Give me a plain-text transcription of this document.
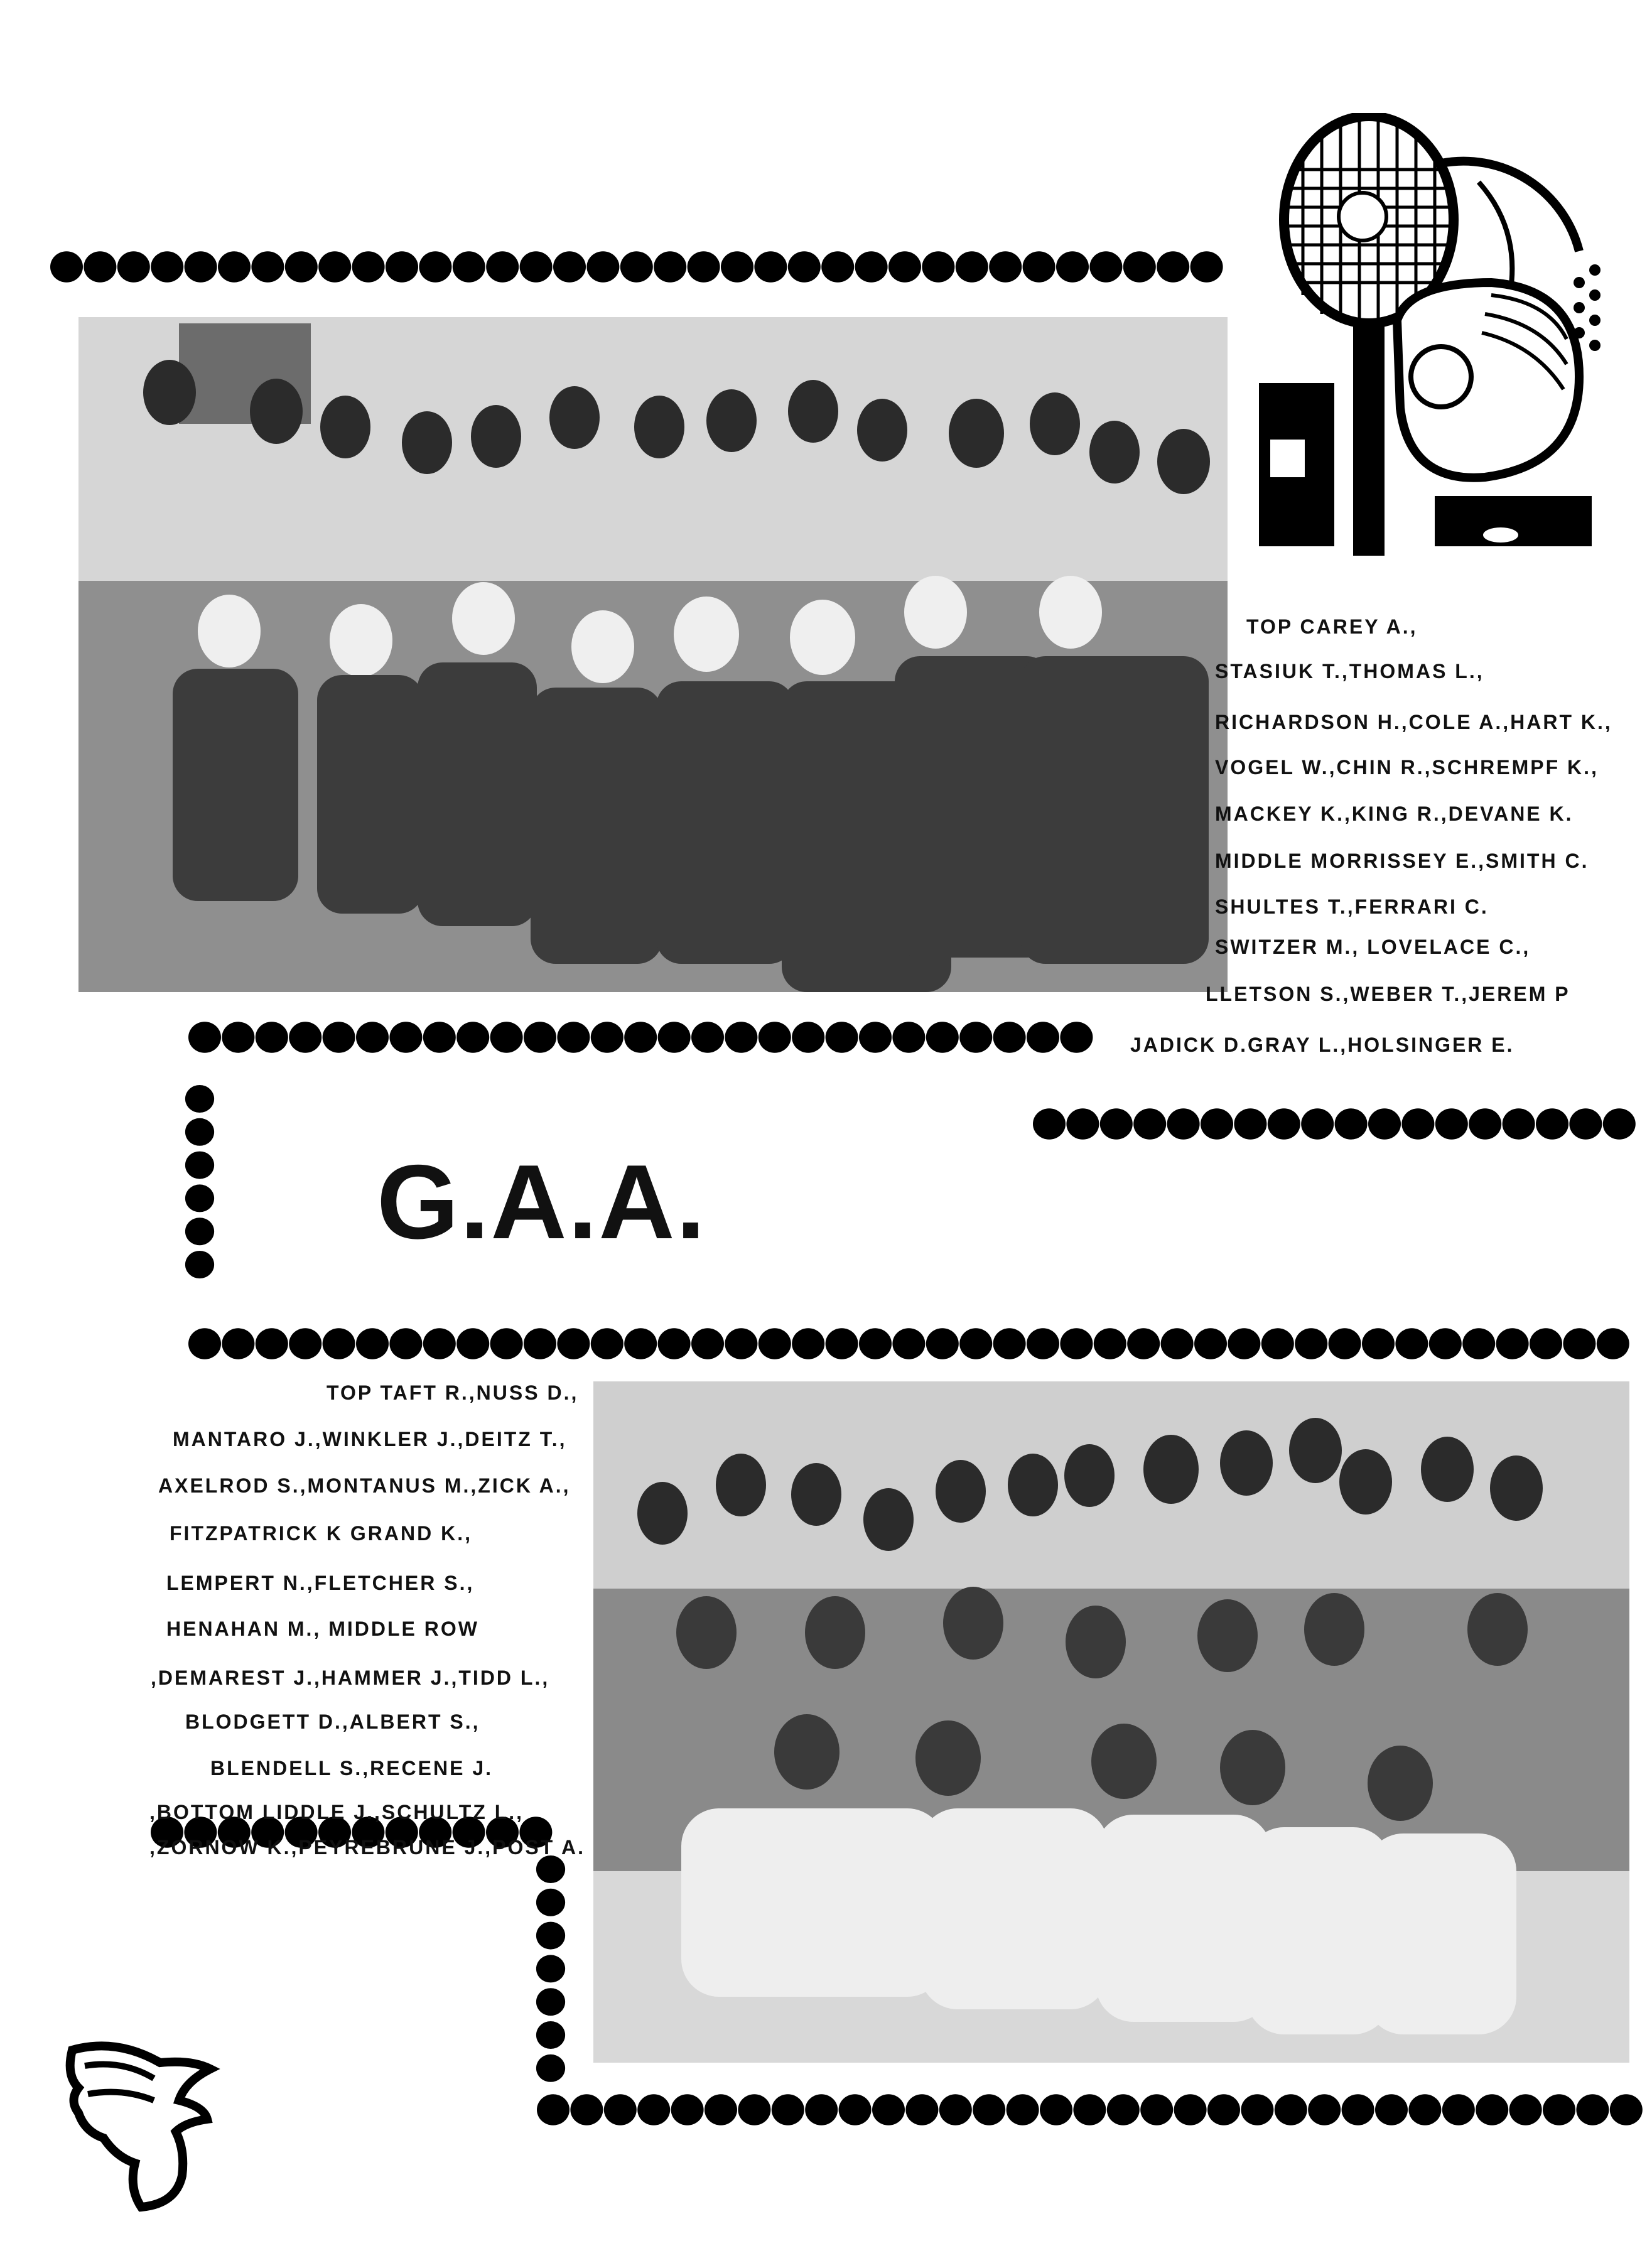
TOP CAREY A.,
STASIUK T.,THOMAS L.,
RICHARDSON H.,COLE A.,HART K.,
VOGEL W.,CHIN R.,SCHREMPF K.,
MACKEY K.,KING R.,DEVANE K.
MIDDLE MORRISSEY E.,SMITH C.
SHULTES T.,FERRARI C.
SWITZER M., LOVELACE C.,
LLETSON S.,WEBER T.,JEREM P
JADICK D.GRAY L.,HOLSINGER E.
G.A.A.
TOP TAFT R.,NUSS D.,
MANTARO J.,WINKLER J.,DEITZ T.,
AXELROD S.,MONTANUS M.,ZICK A.,
FITZPATRICK K GRAND K.,
LEMPERT N.,FLETCHER S.,
HENAHAN M., MIDDLE ROW
,DEMAREST J.,HAMMER J.,TIDD L.,
BLODGETT D.,ALBERT S.,
BLENDELL S.,RECENE J.
,BOTTOM LIDDLE J.,SCHULTZ L.,
,ZORNOW K.,PEYREBRUNE J.,POST A.
